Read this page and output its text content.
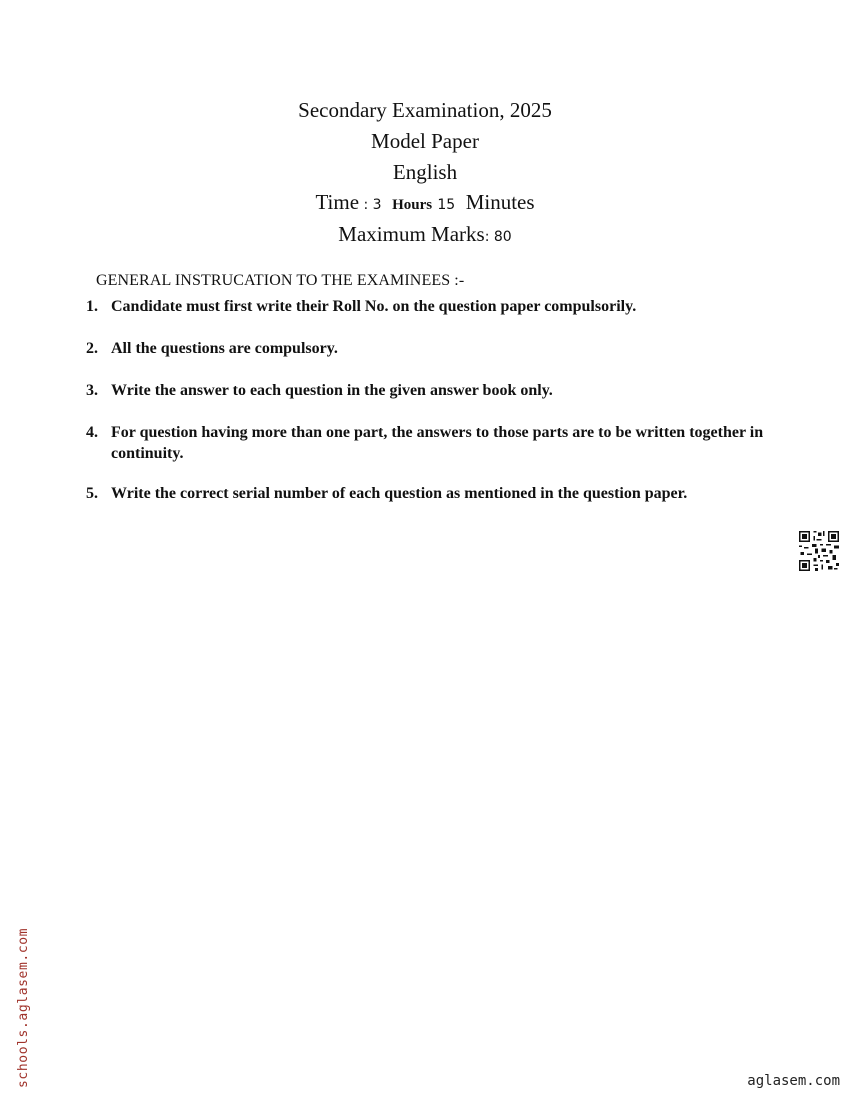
Secondary Examination, 2025
Model Paper
English
Time : 3 Hours 15 Minutes
Maximum Marks: 80
GENERAL INSTRUCATION TO THE EXAMINEES :-
1. Candidate must first write their Roll No. on the question paper compulsorily.
2. All the questions are compulsory.
3. Write the answer to each question in the given answer book only.
4. For question having more than one part, the answers to those parts are to be written together in continuity.
5. Write the correct serial number of each question as mentioned in the question paper.
schools.aglasem.com	aglasem.com
